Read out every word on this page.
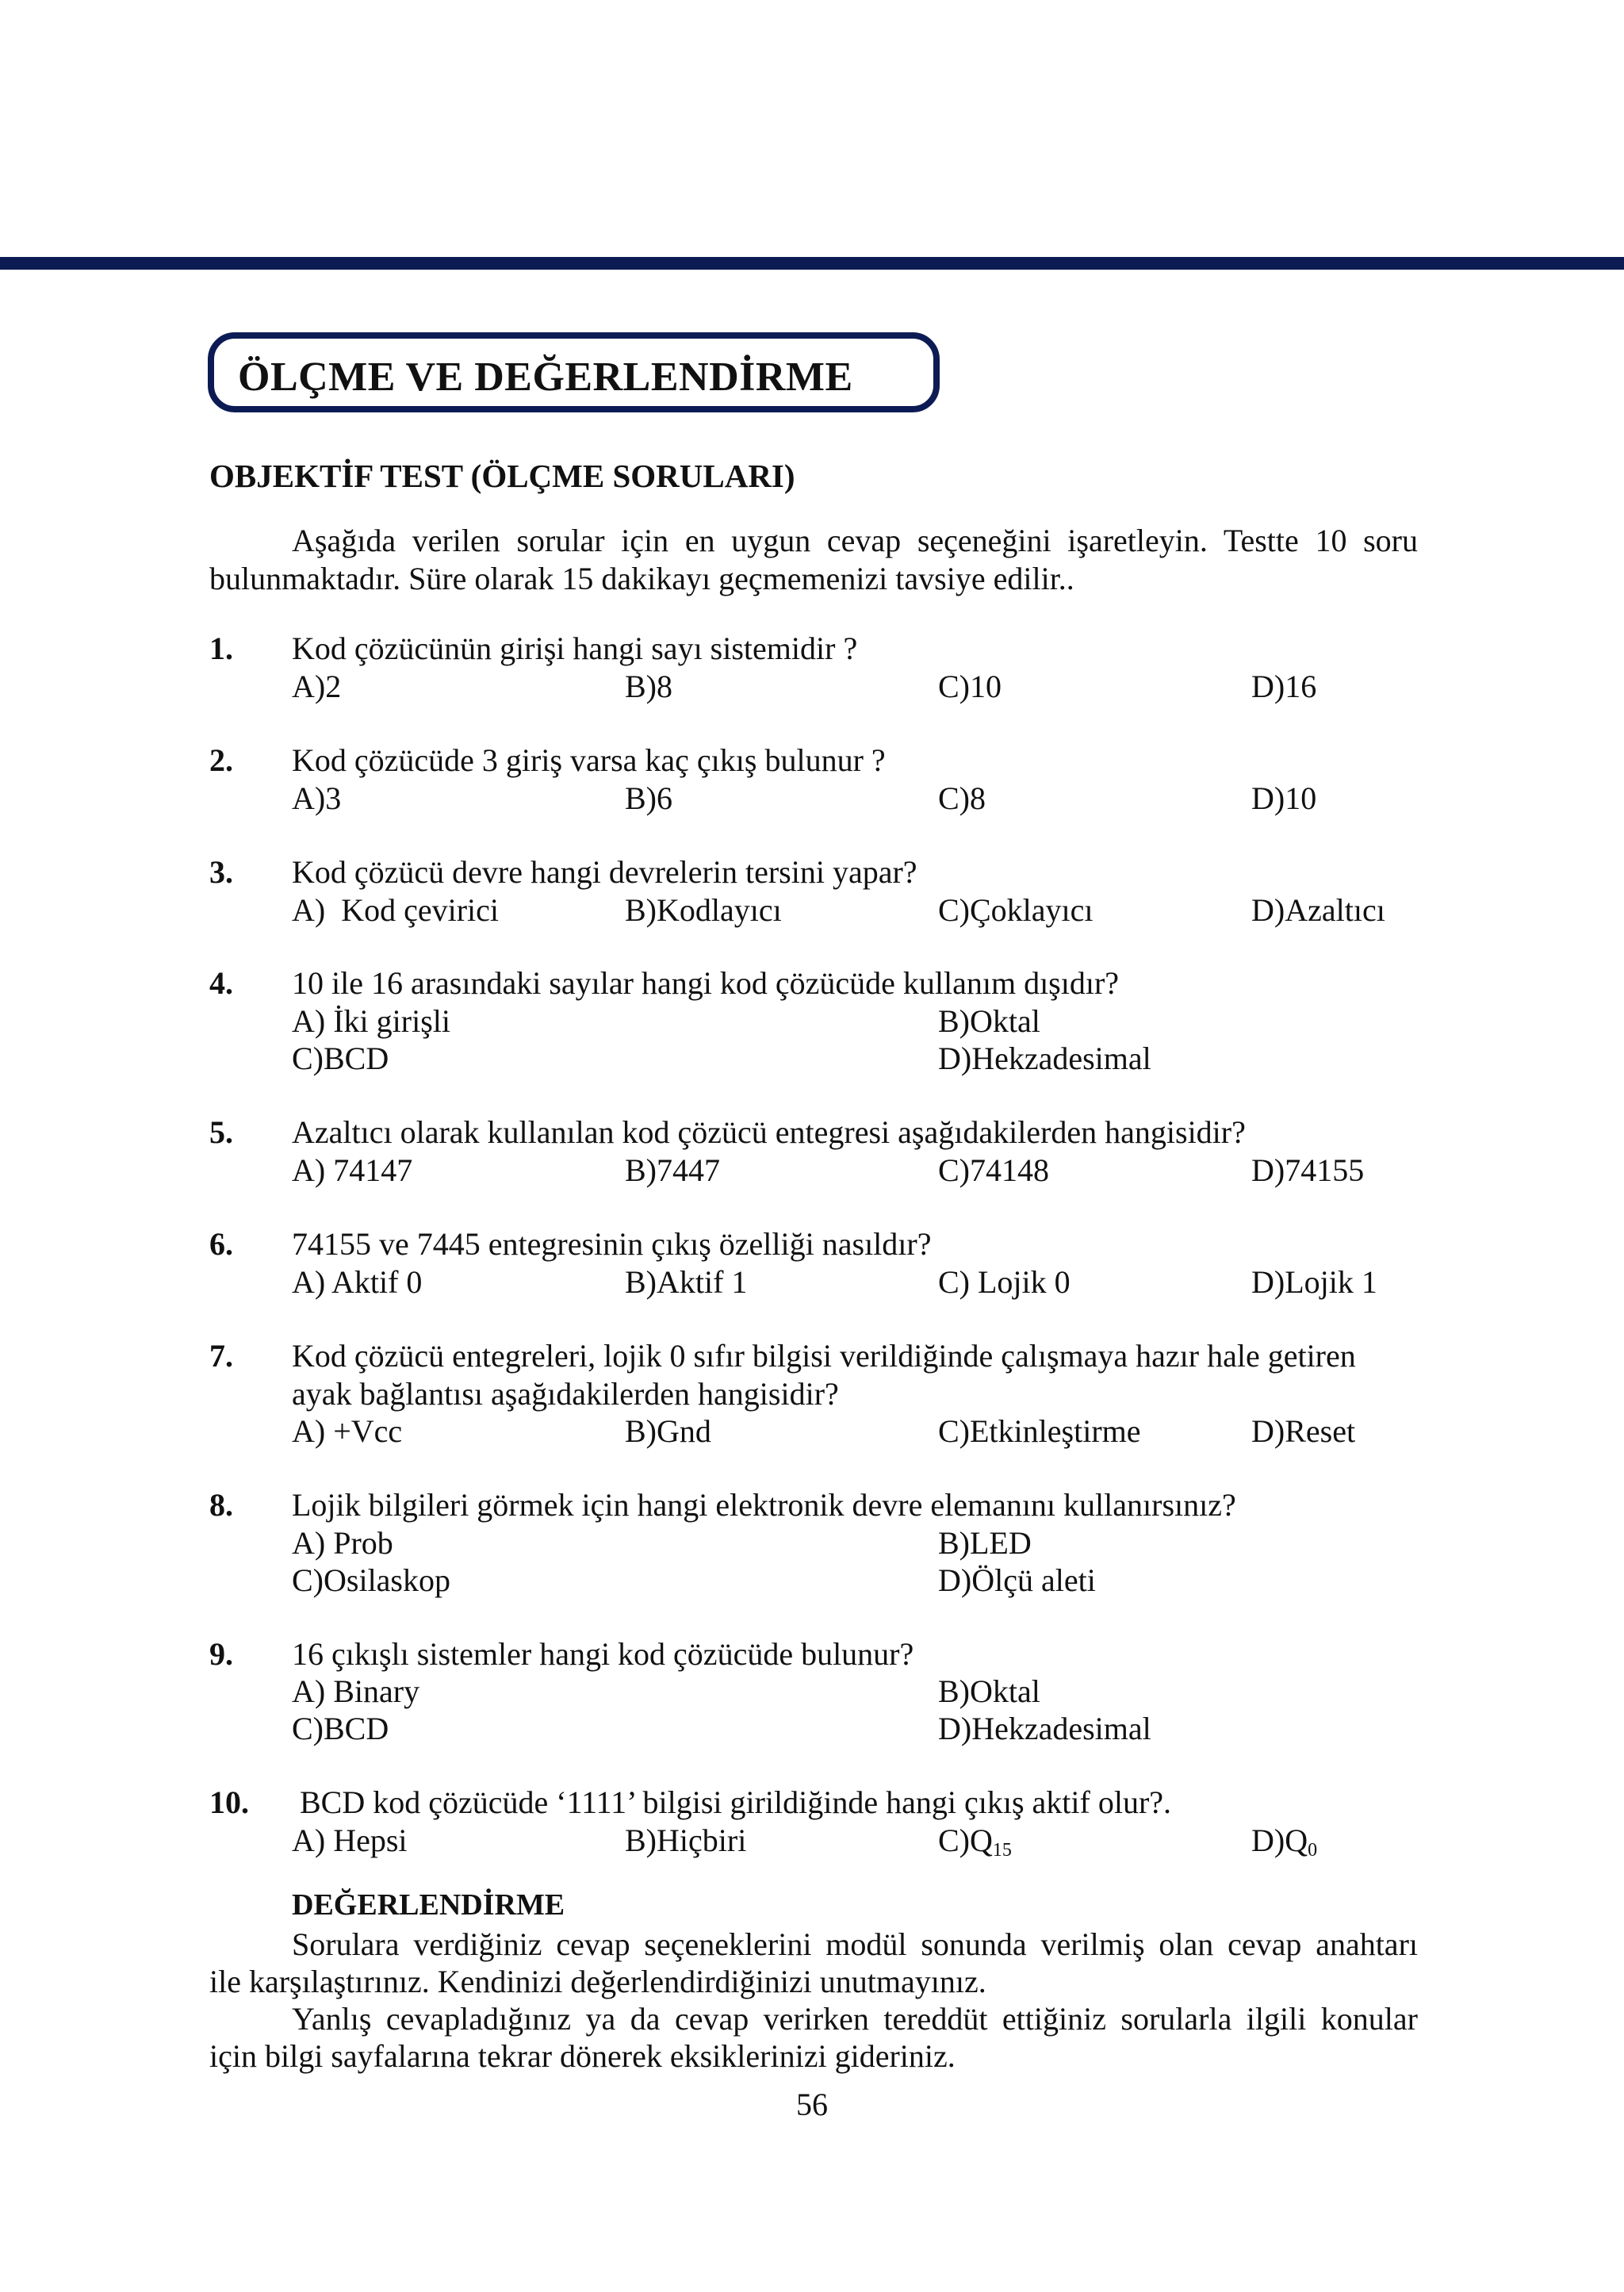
ÖLÇME VE DEĞERLENDİRME
OBJEKTİF TEST (ÖLÇME SORULARI)
Aşağıda verilen sorular için en uygun cevap seçeneğini işaretleyin. Testte 10 soru
bulunmaktadır. Süre olarak 15 dakikayı geçmemenizi tavsiye edilir..
1. Kod çözücünün girişi hangi sayı sistemidir ?
A)2	B)8	C)10	D)16
2. Kod çözücüde 3 giriş varsa kaç çıkış bulunur ?
A)3	B)6	C)8	D)10
3. Kod çözücü devre hangi devrelerin tersini yapar?
A)  Kod çevirici	B)Kodlayıcı	C)Çoklayıcı	D)Azaltıcı
4. 10 ile 16 arasındaki sayılar hangi kod çözücüde kullanım dışıdır?
A) İki girişli	B)Oktal
C)BCD	D)Hekzadesimal
5. Azaltıcı olarak kullanılan kod çözücü entegresi aşağıdakilerden hangisidir?
A) 74147	B)7447	C)74148	D)74155
6. 74155 ve 7445 entegresinin çıkış özelliği nasıldır?
A) Aktif 0	B)Aktif 1	C) Lojik 0	D)Lojik 1
7. Kod çözücü entegreleri, lojik 0 sıfır bilgisi verildiğinde çalışmaya hazır hale getiren
ayak bağlantısı aşağıdakilerden hangisidir?
A) +Vcc	B)Gnd	C)Etkinleştirme	D)Reset
8. Lojik bilgileri görmek için hangi elektronik devre elemanını kullanırsınız?
A) Prob	B)LED
C)Osilaskop	D)Ölçü aleti
9. 16 çıkışlı sistemler hangi kod çözücüde bulunur?
A) Binary	B)Oktal
C)BCD	D)Hekzadesimal
10. BCD kod çözücüde ‘1111’ bilgisi girildiğinde hangi çıkış aktif olur?.
A) Hepsi	B)Hiçbiri	$C)Q_{15}$	$D)Q_0$
DEĞERLENDİRME
Sorulara verdiğiniz cevap seçeneklerini modül sonunda verilmiş olan cevap anahtarı
ile karşılaştırınız. Kendinizi değerlendirdiğinizi unutmayınız.
Yanlış cevapladığınız ya da cevap verirken tereddüt ettiğiniz sorularla ilgili konular
için bilgi sayfalarına tekrar dönerek eksiklerinizi gideriniz.
56
